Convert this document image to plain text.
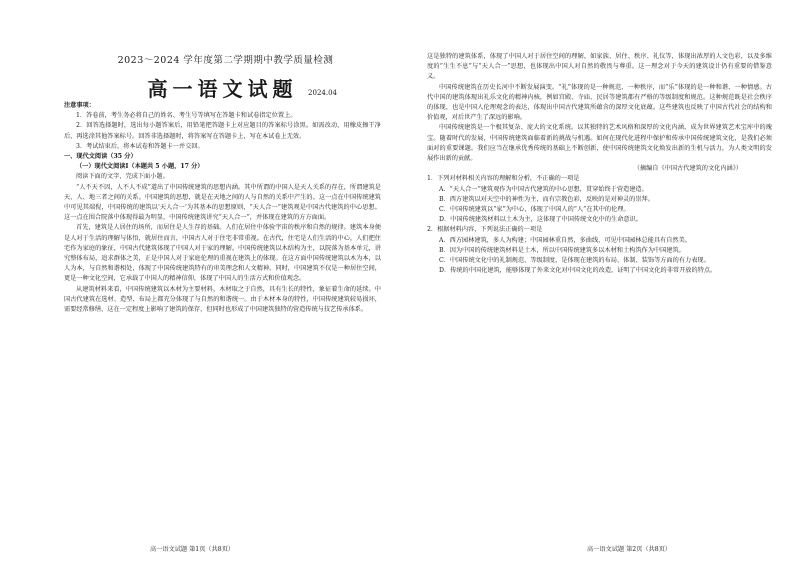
2023～2024 学年度第二学期期中教学质量检测
高一语文试题 2024.04

注意事项：

1．答卷前，考生务必将自己的姓名、考生号等填写在答题卡和试卷指定位置上。

2．回答选择题时，选出每小题答案后，用铅笔把答题卡上对应题目的答案标号涂黑。如需改动，用橡皮擦干净后，再选涂其他答案标号。回答非选择题时，将答案写在答题卡上，写在本试卷上无效。

3．考试结束后，将本试卷和答题卡一并交回。

一、现代文阅读（35 分）

（一）现代文阅读Ⅰ（本题共 5 小题，17 分）

阅读下面的文字，完成下面小题。

“人不天不因，人不人不成”道出了中国传统建筑的思想内涵。其中所谓的中国人是天人关系的存在，所谓建筑是天、人、地三者之间的关系。中国建筑的思想，就是在天地之间的人与自然的关系中产生的。这一点在中国传统建筑中可见其端倪，中国传统的建筑以‘天人合一’为其基本的思想原则，“天人合一”建筑观是中国古代建筑的中心思想。这一点在围合院落中体现得最为明显，中国传统建筑讲究“天人合一”，并体现在建筑的方方面面。

首先，建筑是人居住的场所，而居住是人生存的基础。人们在居住中体验宇宙的秩序和自然的规律。建筑本身便是人对于生活的理解与体悟，就居住而言，中国古人对于住宅非常重视。在古代，住宅是人们生活的中心，人们把住宅作为家庭的象征，中国古代建筑体现了中国人对于家的理解。中国传统建筑以木结构为主，以院落为基本单元，讲究整体布局，追求群体之美，正是中国人对于家庭伦理的重视在建筑上的体现。在这方面中国传统建筑以木为本，以人为本，与自然和谐相处，体现了中国传统建筑特有的审美理念和人文精神。同时，中国建筑不仅是一种居住空间，更是一种文化空间，它承载了中国人的精神信仰，体现了中国人的生活方式和价值观念。

从建筑材料来看，中国传统建筑以木材为主要材料，木材取之于自然，具有生长的特性，象征着生命的延续。中国古代建筑在选材、造型、布局上都充分体现了与自然的和谐统一。由于木材本身的特性，中国传统建筑较易损坏，需要经常修缮，这在一定程度上影响了建筑的保存，但同时也形成了中国建筑独特的营造传统与技艺传承体系。

高一语文试题 第1页（共8页）

这是独特的建筑体系，体现了中国人对于居住空间的理解，如家族、居住、秩序、礼仪等，体现出浓厚的人文色彩，以及多维度的“生生不息”与“天人合一”思想，也体现出中国人对自然的敬畏与尊重。这一理念对于今天的建筑设计仍有重要的借鉴意义。

中国传统建筑在历史长河中不断发展演变。“礼”体现的是一种规范、一种秩序，而“乐”体现的是一种和谐、一种情感。古代中国的建筑体现出礼乐文化的精神内核，例如宫殿、寺庙、民居等建筑都有严格的等级制度和规范。这种规范既是社会秩序的体现，也是中国人伦理观念的表达，体现出中国古代建筑所蕴含的深厚文化底蕴。这些建筑也反映了中国古代社会的结构和价值观，对后世产生了深远的影响。

中国传统建筑是一个极其复杂、庞大的文化系统。以其独特的艺术风格和深厚的文化内涵，成为世界建筑艺术宝库中的瑰宝。随着时代的发展，中国传统建筑面临着新的挑战与机遇。如何在现代化进程中保护和传承中国传统建筑文化，是我们必须面对的重要课题。我们应当在继承优秀传统的基础上不断创新，使中国传统建筑文化焕发出新的生机与活力，为人类文明的发展作出新的贡献。

（摘编自《中国古代建筑的文化内涵》）

1．下列对材料相关内容的理解和分析，不正确的一项是

A．“天人合一”建筑观作为中国古代建筑的中心思想，贯穿始终于营造建造。

B．西方建筑以对天空中的神性为主，而有宗教色彩，反映的是对神灵的崇拜。

C．中国传统建筑以“家”为中心，体现了中国人的“人”在其中的伦理。

D．中国传统建筑材料以土木为主，这体现了中国传统文化中的生命意识。

2．根据材料内容，下列说法正确的一项是

A．西方园林建筑，多人为构建；中国园林重自然，多曲线，可见中国园林总能具有自然美。

B．因为中国的传统建筑材料是土木，所以中国传统建筑多以木材和土构筑作为中国建筑。

C．中国传统文化中的礼制规范、等级制度，是体现在建筑的布局、体制、装饰等方面的有力表现。

D．传统的中国化建筑，能够体现了外来文化对中国文化的改造，证明了中国文化的非常开放的特点。

高一语文试题 第2页（共8页）
